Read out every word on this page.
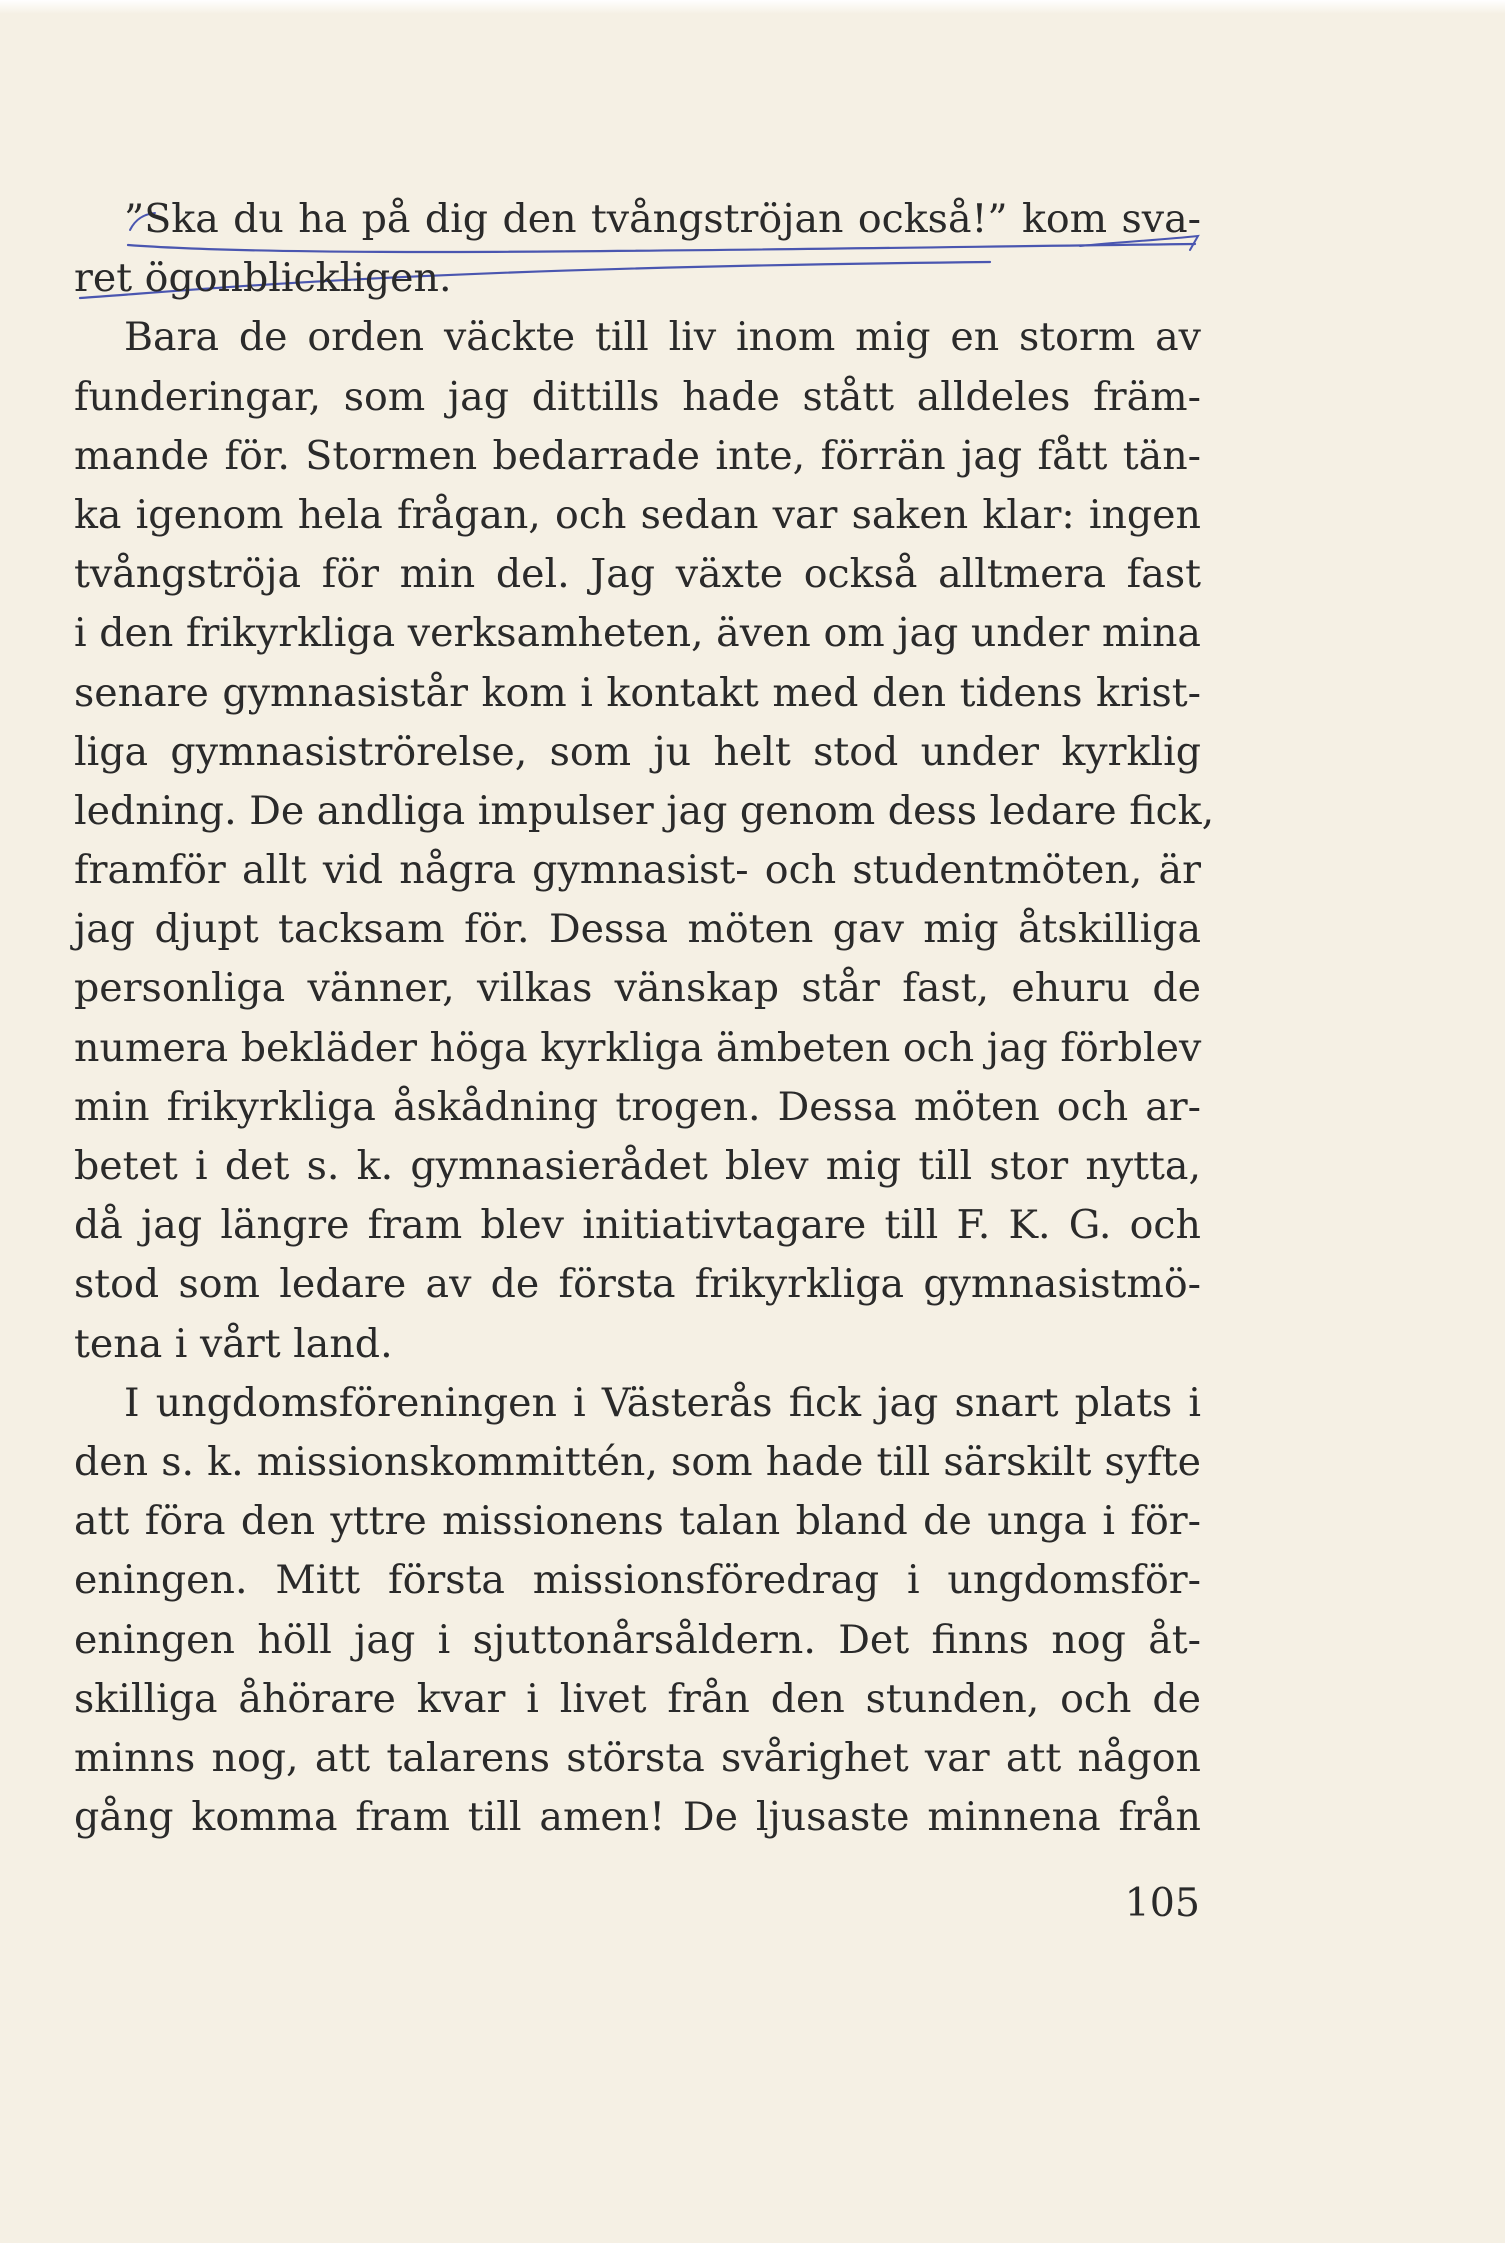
”Ska du ha på dig den tvångströjan också!” kom sva-
ret ögonblickligen.
Bara de orden väckte till liv inom mig en storm av
funderingar, som jag dittills hade stått alldeles främ-
mande för. Stormen bedarrade inte, förrän jag fått tän-
ka igenom hela frågan, och sedan var saken klar: ingen
tvångströja för min del. Jag växte också alltmera fast
i den frikyrkliga verksamheten, även om jag under mina
senare gymnasistår kom i kontakt med den tidens krist-
liga gymnasiströrelse, som ju helt stod under kyrklig
ledning. De andliga impulser jag genom dess ledare fick,
framför allt vid några gymnasist- och studentmöten, är
jag djupt tacksam för. Dessa möten gav mig åtskilliga
personliga vänner, vilkas vänskap står fast, ehuru de
numera bekläder höga kyrkliga ämbeten och jag förblev
min frikyrkliga åskådning trogen. Dessa möten och ar-
betet i det s. k. gymnasierådet blev mig till stor nytta,
då jag längre fram blev initiativtagare till F. K. G. och
stod som ledare av de första frikyrkliga gymnasistmö-
tena i vårt land.
I ungdomsföreningen i Västerås fick jag snart plats i
den s. k. missionskommittén, som hade till särskilt syfte
att föra den yttre missionens talan bland de unga i för-
eningen. Mitt första missionsföredrag i ungdomsför-
eningen höll jag i sjuttonårsåldern. Det finns nog åt-
skilliga åhörare kvar i livet från den stunden, och de
minns nog, att talarens största svårighet var att någon
gång komma fram till amen! De ljusaste minnena från
105
